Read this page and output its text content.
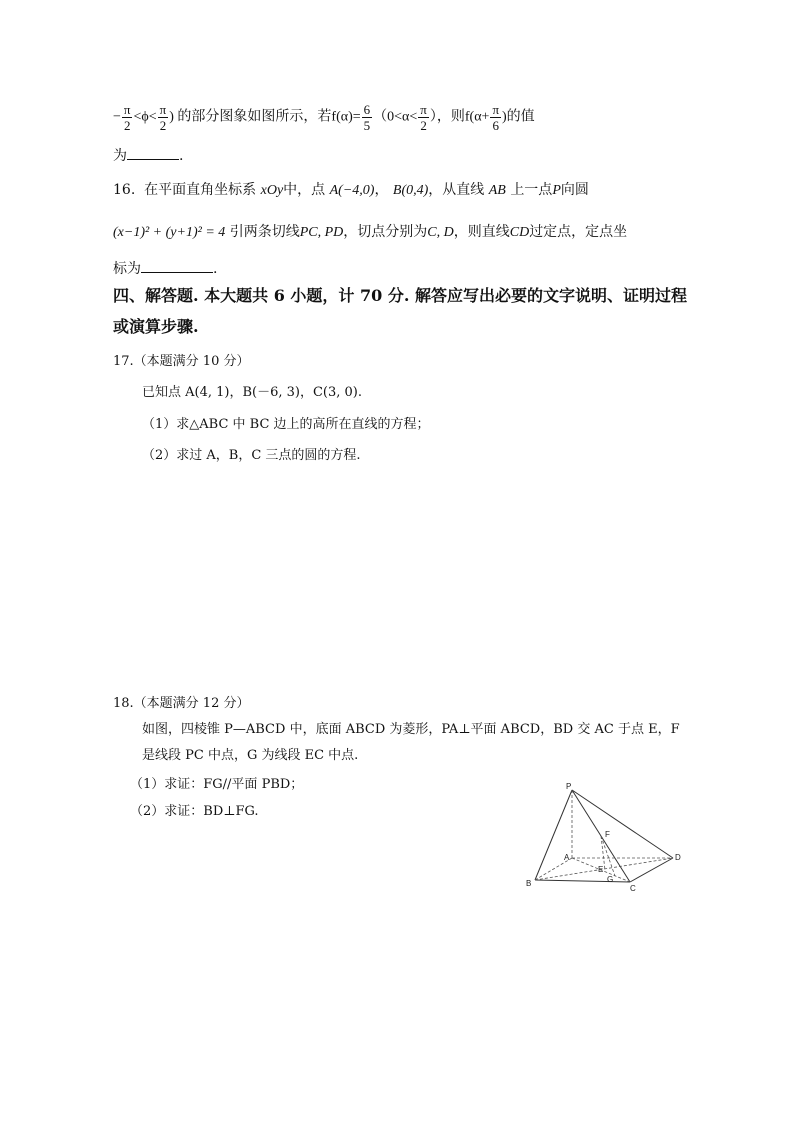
− $\frac{\pi}{2} <\phi< \frac{\pi}{2}$ ) 的部分图象如图所示，若$f(\alpha)= \frac{6}{5} (0<\alpha< \frac{\pi}{2}$ ），则$f(\alpha+ \frac{\pi}{6}$ )的值
为	.
16. 在平面直角坐标系 xOy中，点 A(−4,0)， B(0,4)，从直线 AB 上一点P向圆
(x−1)² + (y+1)² = 4 引两条切线PC, PD，切点分别为C, D，则直线CD过定点，定点坐
标为	.
四、解答题. 本大题共 6 小题，计 70 分. 解答应写出必要的文字说明、证明过程
或演算步骤.
17.（本题满分 10 分）
已知点 A(4, 1)，B(－6, 3)，C(3, 0).
（1）求△ABC 中 BC 边上的高所在直线的方程；
（2）求过 A，B，C 三点的圆的方程.
18.（本题满分 12 分）
如图，四棱锥 P—ABCD 中，底面 ABCD 为菱形，PA⊥平面 ABCD，BD 交 AC 于点 E，F
是线段 PC 中点，G 为线段 EC 中点.
（1）求证：FG//平面 PBD；
（2）求证：BD⊥FG.
P
A
B
C
D
E
F
G
